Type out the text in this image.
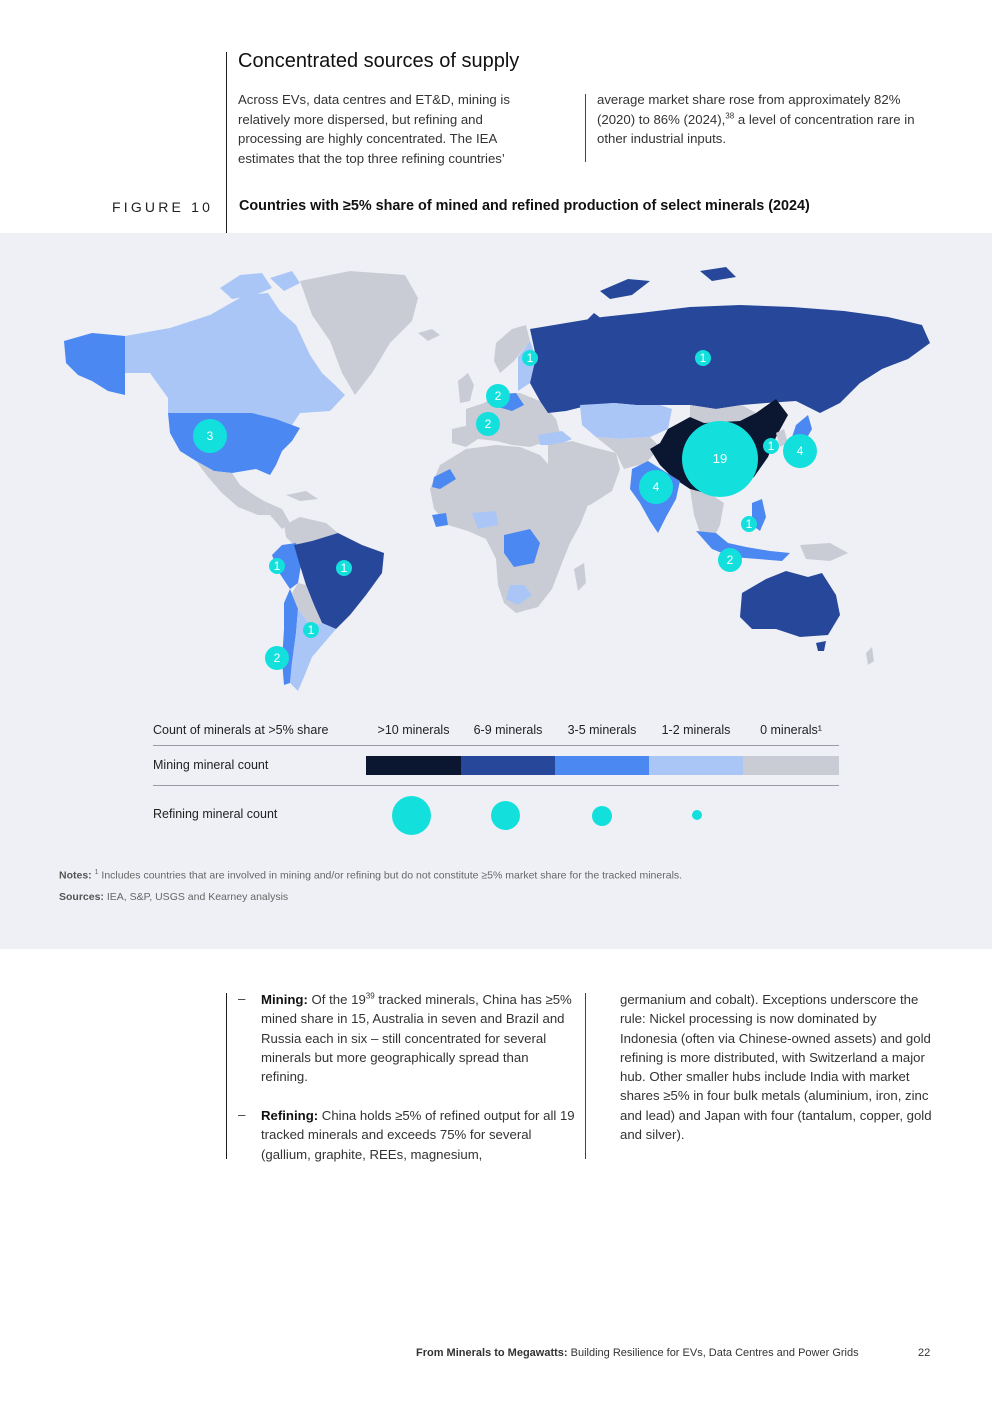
Concentrated sources of supply
Across EVs, data centres and ET&D, mining is relatively more dispersed, but refining and processing are highly concentrated. The IEA estimates that the top three refining countries’
average market share rose from approximately 82% (2020) to 86% (2024),$^{38}$ a level of concentration rare in other industrial inputs.
FIGURE 10 Countries with ≥5% share of mined and refined production of select minerals (2024)
19	4
4
3
2
2
2
2
1	1
1
1
1	1
1
Count of minerals at >5% share	>10 minerals	6-9 minerals	3-5 minerals	1-2 minerals	0 minerals¹
Mining mineral count
Refining mineral count
Notes: $^1$ Includes countries that are involved in mining and/or refining but do not constitute ≥5% market share for the tracked minerals.
Sources: IEA, S&P, USGS and Kearney analysis
– Mining: Of the $19^{39}$ tracked minerals, China has ≥5% mined share in 15, Australia in seven and Brazil and Russia each in six – still concentrated for several minerals but more geographically spread than refining.
– Refining: China holds ≥5% of refined output for all 19 tracked minerals and exceeds 75% for several (gallium, graphite, REEs, magnesium,
germanium and cobalt). Exceptions underscore the rule: Nickel processing is now dominated by Indonesia (often via Chinese-owned assets) and gold refining is more distributed, with Switzerland a major hub. Other smaller hubs include India with market shares ≥5% in four bulk metals (aluminium, iron, zinc and lead) and Japan with four (tantalum, copper, gold and silver).
From Minerals to Megawatts: Building Resilience for EVs, Data Centres and Power Grids	22
